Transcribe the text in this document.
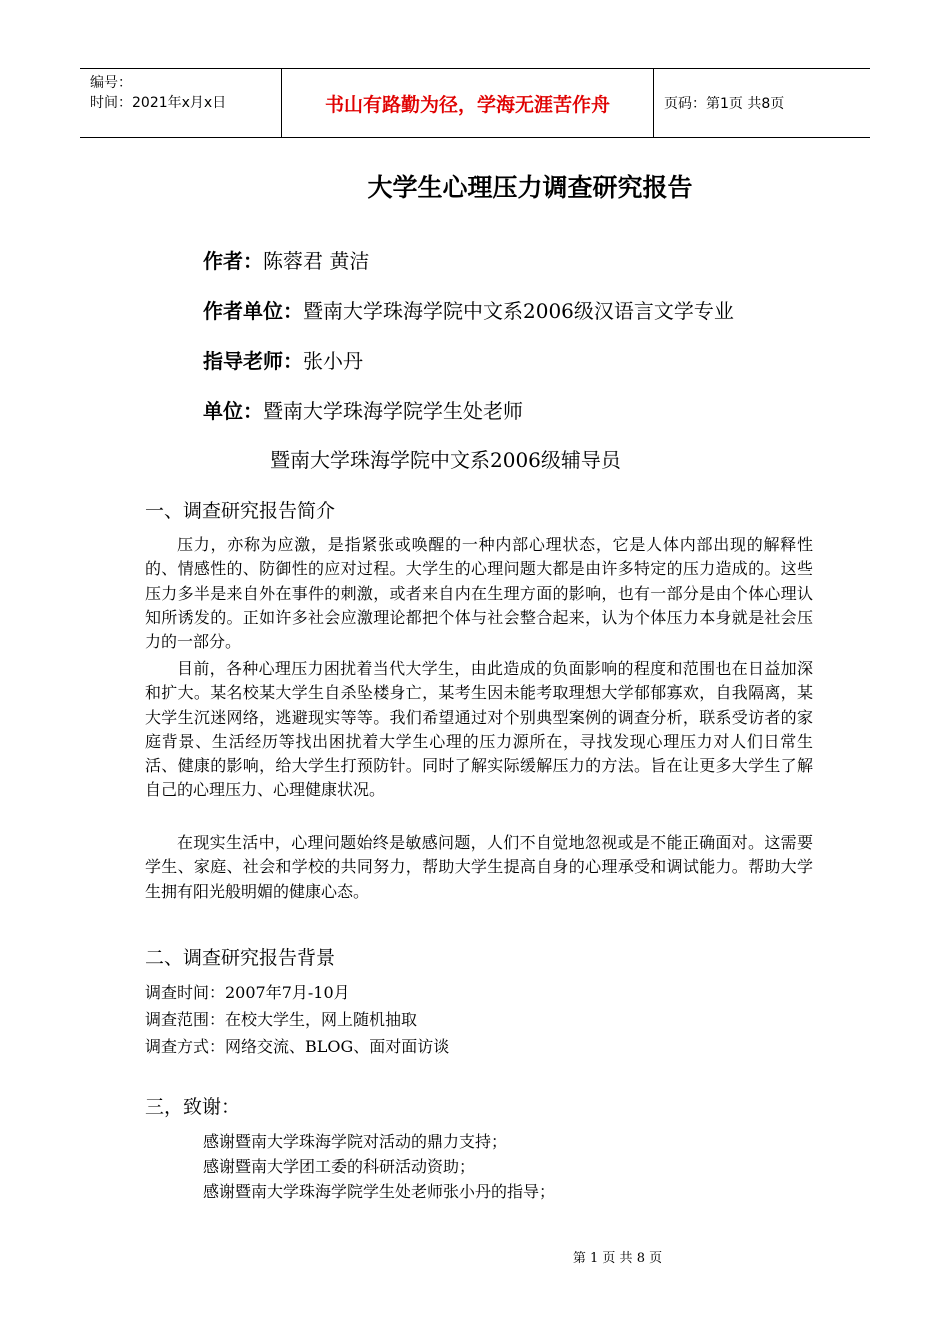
编号：
时间：2021年x月x日	书山有路勤为径，学海无涯苦作舟	页码：第1页 共8页
大学生心理压力调查研究报告
作者：陈蓉君 黄洁
作者单位：暨南大学珠海学院中文系2006级汉语言文学专业
指导老师：张小丹
单位：暨南大学珠海学院学生处老师
暨南大学珠海学院中文系2006级辅导员
一、调查研究报告简介

压力，亦称为应激，是指紧张或唤醒的一种内部心理状态，它是人体内部出现的解释性的、情感性的、防御性的应对过程。大学生的心理问题大都是由许多特定的压力造成的。这些压力多半是来自外在事件的刺激，或者来自内在生理方面的影响，也有一部分是由个体心理认知所诱发的。正如许多社会应激理论都把个体与社会整合起来，认为个体压力本身就是社会压力的一部分。

目前，各种心理压力困扰着当代大学生，由此造成的负面影响的程度和范围也在日益加深和扩大。某名校某大学生自杀坠楼身亡，某考生因未能考取理想大学郁郁寡欢，自我隔离，某大学生沉迷网络，逃避现实等等。我们希望通过对个别典型案例的调查分析，联系受访者的家庭背景、生活经历等找出困扰着大学生心理的压力源所在，寻找发现心理压力对人们日常生活、健康的影响，给大学生打预防针。同时了解实际缓解压力的方法。旨在让更多大学生了解自己的心理压力、心理健康状况。

在现实生活中，心理问题始终是敏感问题，人们不自觉地忽视或是不能正确面对。这需要学生、家庭、社会和学校的共同努力，帮助大学生提高自身的心理承受和调试能力。帮助大学生拥有阳光般明媚的健康心态。

二、调查研究报告背景
调查时间：2007年7月-10月
调查范围：在校大学生，网上随机抽取
调查方式：网络交流、BLOG、面对面访谈
三，致谢：
感谢暨南大学珠海学院对活动的鼎力支持；
感谢暨南大学团工委的科研活动资助；
感谢暨南大学珠海学院学生处老师张小丹的指导；
第 1 页 共 8 页
